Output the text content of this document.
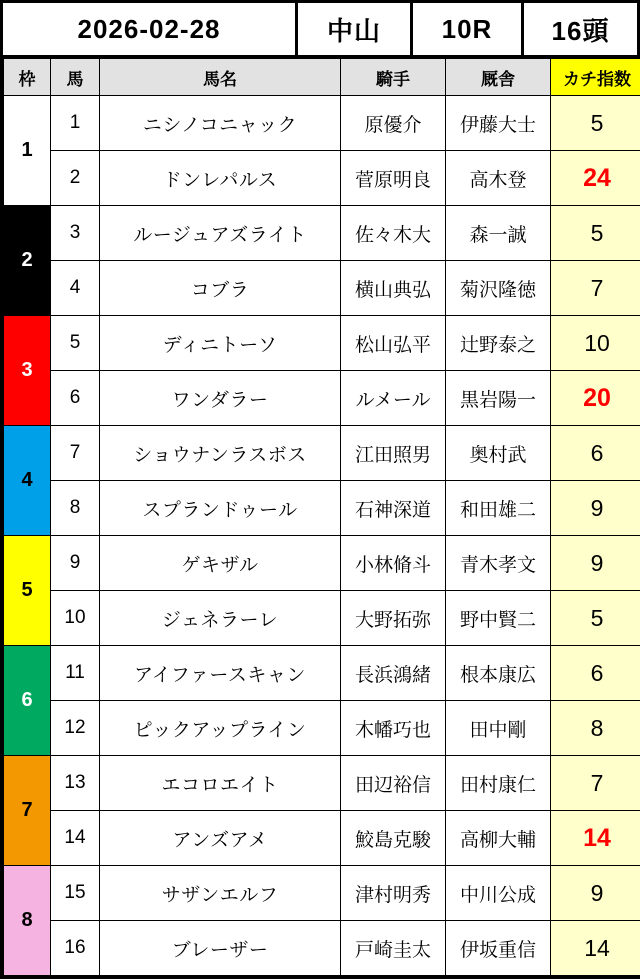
2026-02-28	中山	10R	16頭
枠	馬	馬名	騎手	厩舎	カチ指数
1	1	ニシノコニャック	原優介	伊藤大士	5
	2	ドンレパルス	菅原明良	高木登	24
2	3	ルージュアズライト	佐々木大	森一誠	5
	4	コブラ	横山典弘	菊沢隆徳	7
3	5	ディニトーソ	松山弘平	辻野泰之	10
	6	ワンダラー	ルメール	黒岩陽一	20
4	7	ショウナンラスボス	江田照男	奥村武	6
	8	スプランドゥール	石神深道	和田雄二	9
5	9	ゲキザル	小林脩斗	青木孝文	9
	10	ジェネラーレ	大野拓弥	野中賢二	5
6	11	アイファースキャン	長浜鴻緒	根本康広	6
	12	ピックアップライン	木幡巧也	田中剛	8
7	13	エコロエイト	田辺裕信	田村康仁	7
	14	アンズアメ	鮫島克駿	高柳大輔	14
8	15	サザンエルフ	津村明秀	中川公成	9
	16	ブレーザー	戸崎圭太	伊坂重信	14
